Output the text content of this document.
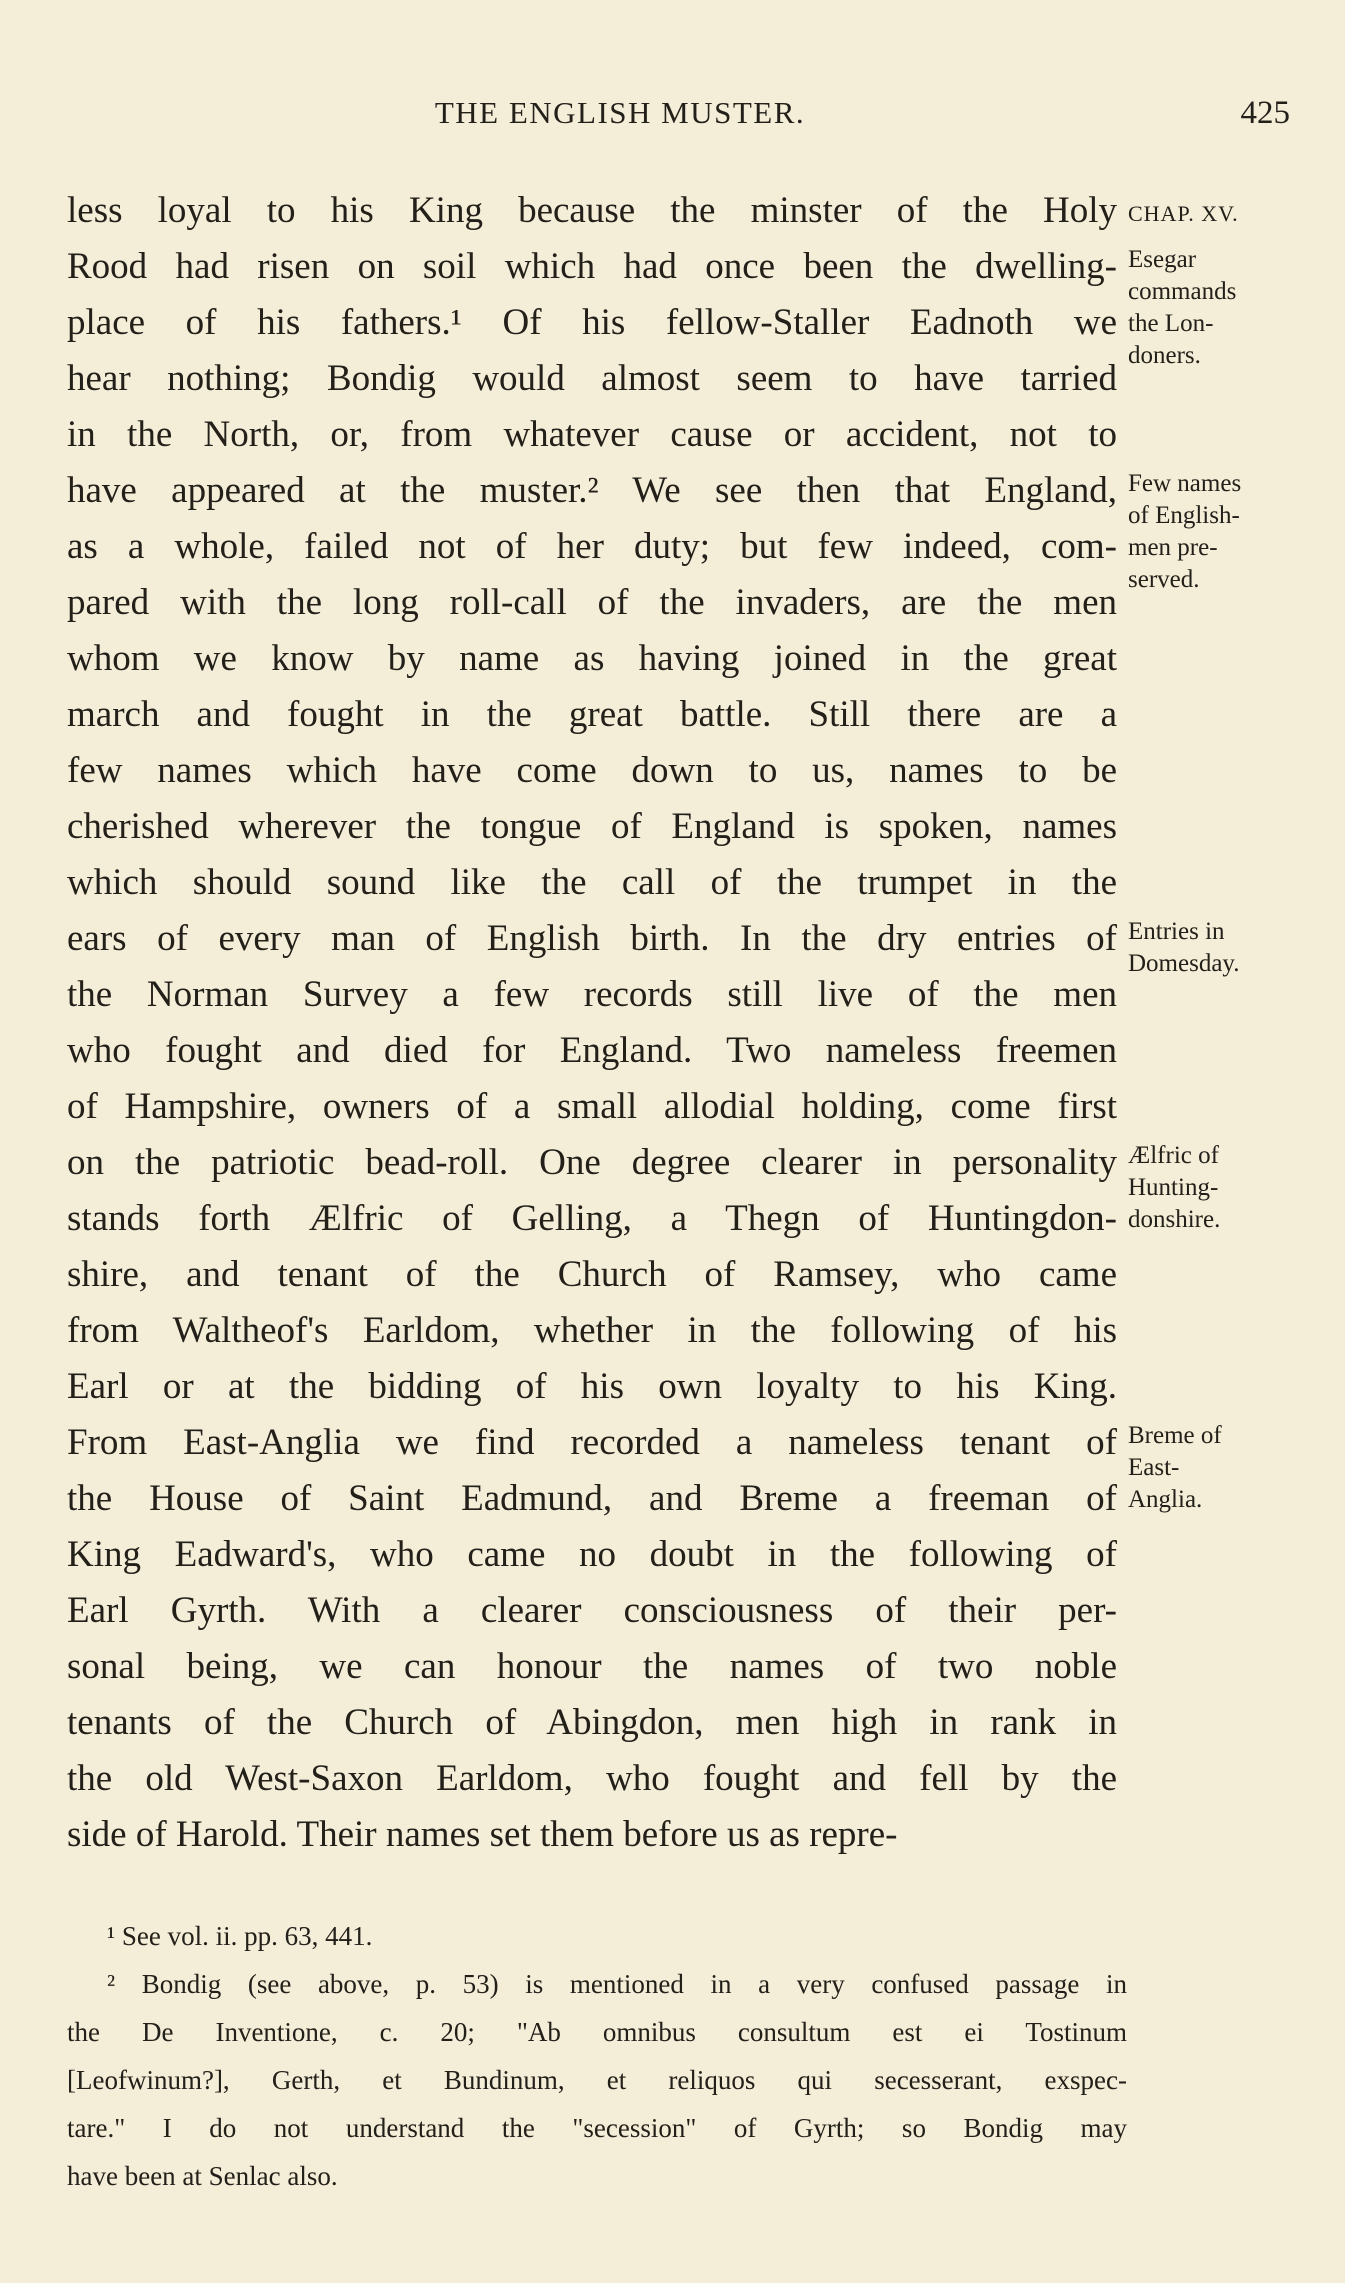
THE ENGLISH MUSTER.	425
less loyal to his King because the minster of the Holy
Rood had risen on soil which had once been the dwelling-
place of his fathers.¹ Of his fellow-Staller Eadnoth we
hear nothing; Bondig would almost seem to have tarried
in the North, or, from whatever cause or accident, not to
have appeared at the muster.² We see then that England,
as a whole, failed not of her duty; but few indeed, com-
pared with the long roll-call of the invaders, are the men
whom we know by name as having joined in the great
march and fought in the great battle. Still there are a
few names which have come down to us, names to be
cherished wherever the tongue of England is spoken, names
which should sound like the call of the trumpet in the
ears of every man of English birth. In the dry entries of
the Norman Survey a few records still live of the men
who fought and died for England. Two nameless freemen
of Hampshire, owners of a small allodial holding, come first
on the patriotic bead-roll. One degree clearer in personality
stands forth Ælfric of Gelling, a Thegn of Huntingdon-
shire, and tenant of the Church of Ramsey, who came
from Waltheof's Earldom, whether in the following of his
Earl or at the bidding of his own loyalty to his King.
From East-Anglia we find recorded a nameless tenant of
the House of Saint Eadmund, and Breme a freeman of
King Eadward's, who came no doubt in the following of
Earl Gyrth. With a clearer consciousness of their per-
sonal being, we can honour the names of two noble
tenants of the Church of Abingdon, men high in rank in
the old West-Saxon Earldom, who fought and fell by the
side of Harold. Their names set them before us as repre-
CHAP. XV.
Esegar
commands
the Lon-
doners.
Few names
of English-
men pre-
served.
Entries in
Domesday.
Ælfric of
Hunting-
donshire.
Breme of
East-
Anglia.
¹ See vol. ii. pp. 63, 441.
² Bondig (see above, p. 53) is mentioned in a very confused passage in
the De Inventione, c. 20; "Ab omnibus consultum est ei Tostinum
[Leofwinum?], Gerth, et Bundinum, et reliquos qui secesserant, exspec-
tare." I do not understand the "secession" of Gyrth; so Bondig may
have been at Senlac also.
